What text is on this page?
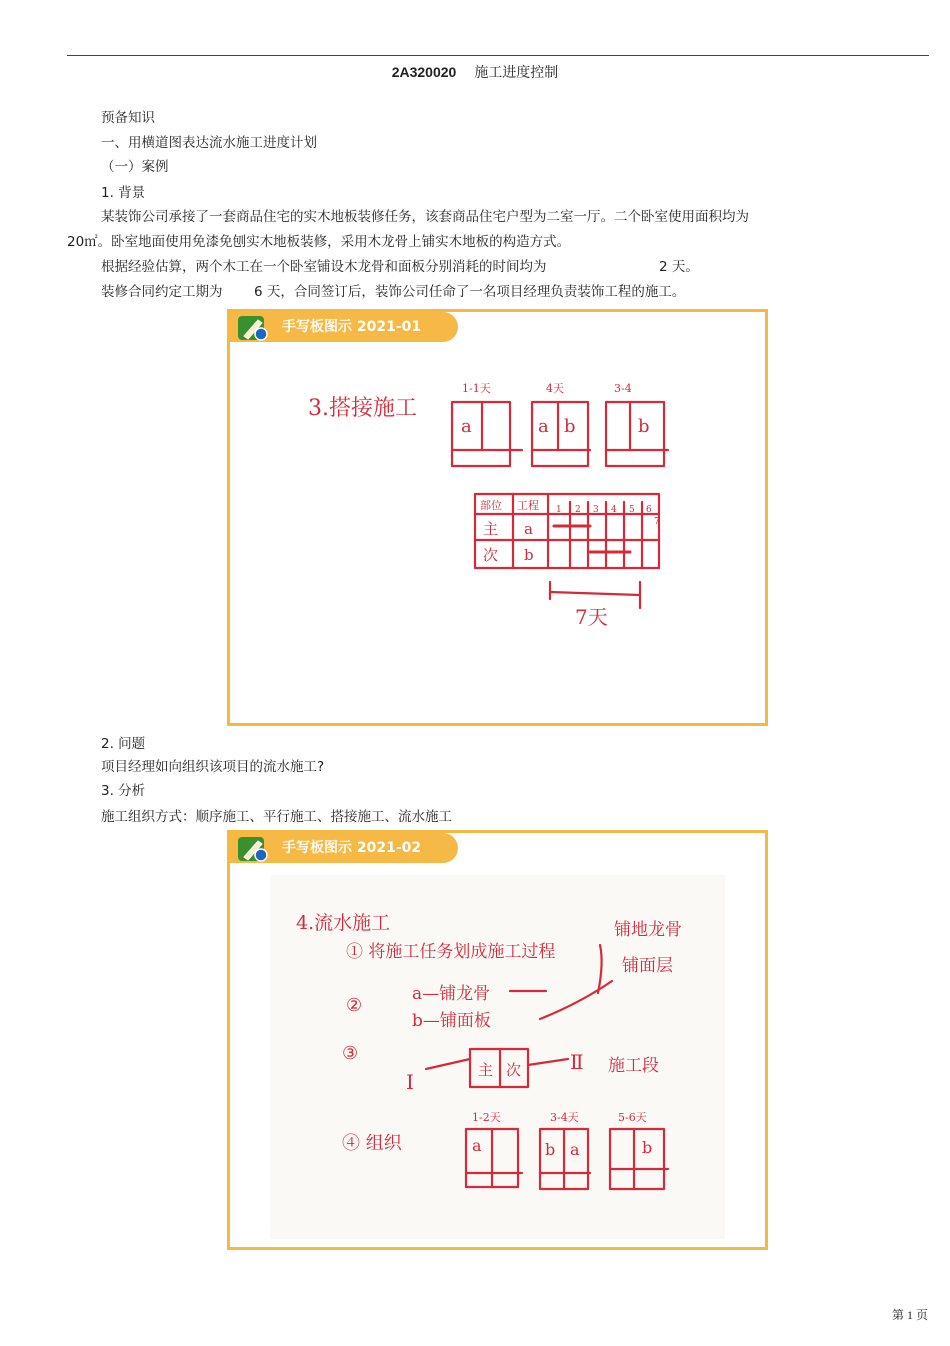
2A320020 施工进度控制
预备知识
一、用横道图表达流水施工进度计划
（一）案例
1. 背景
某装饰公司承接了一套商品住宅的实木地板装修任务，该套商品住宅户型为二室一厅。二个卧室使用面积均为
20㎡。卧室地面使用免漆免刨实木地板装修，采用木龙骨上铺实木地板的构造方式。
根据经验估算，两个木工在一个卧室铺设木龙骨和面板分别消耗的时间均为	2 天。
装修合同约定工期为 6 天，合同签订后，装饰公司任命了一名项目经理负责装饰工程的施工。
手写板图示 2021-01
3.搭接施工
1-1天
a
4天
a b
3-4
b
部位 工程
主 a
次 b
1 2 3 4 5 6
7
7天
2. 问题
项目经理如向组织该项目的流水施工?
3. 分析
施工组织方式：顺序施工、平行施工、搭接施工、流水施工
手写板图示 2021-02
4.流水施工
① 将施工任务划成施工过程
铺地龙骨
铺面层
②
a—铺龙骨
b—铺面板
③
主 次
Ⅰ
Ⅱ 施工段
④ 组织
1-2天
a
3-4天
b a
5-6天
b
第 1 页
